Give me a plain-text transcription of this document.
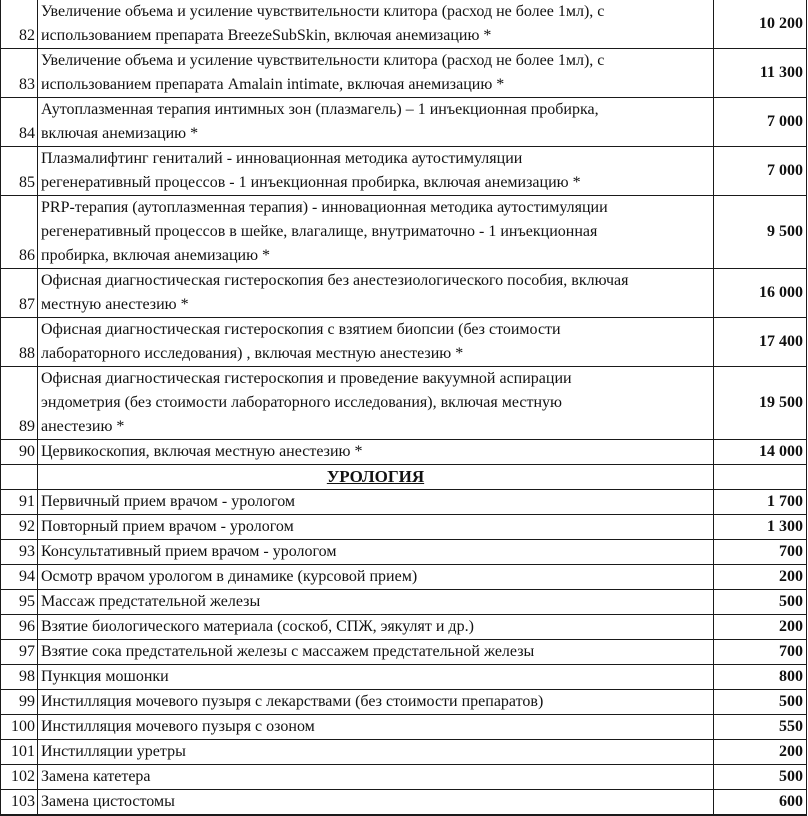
82	Увеличение объема и усиление чувствительности клитора (расход не более 1мл), с
использованием препарата BreezeSubSkin, включая анемизацию *	10 200
83	Увеличение объема и усиление чувствительности клитора (расход не более 1мл), с
использованием препарата Amalain intimate, включая анемизацию *	11 300
84	Аутоплазменная терапия интимных зон (плазмагель) – 1 инъекционная пробирка,
включая анемизацию *	7 000
85	Плазмалифтинг гениталий - инновационная методика аутостимуляции
регенеративный процессов - 1 инъекционная пробирка, включая анемизацию *	7 000
86	PRP-терапия (аутоплазменная терапия) - инновационная методика аутостимуляции
регенеративный процессов в шейке, влагалище, внутриматочно - 1 инъекционная
пробирка, включая анемизацию *	9 500
87	Офисная диагностическая гистероскопия без анестезиологического пособия, включая
местную анестезию *	16 000
88	Офисная диагностическая гистероскопия с взятием биопсии (без стоимости
лабораторного исследования) , включая местную анестезию *	17 400
89	Офисная диагностическая гистероскопия и проведение вакуумной аспирации
эндометрия (без стоимости лабораторного исследования), включая местную
анестезию *	19 500
90	Цервикоскопия, включая местную анестезию *	14 000
	УРОЛОГИЯ	
91	Первичный прием врачом - урологом	1 700
92	Повторный прием врачом - урологом	1 300
93	Консультативный прием врачом - урологом	700
94	Осмотр врачом урологом в динамике (курсовой прием)	200
95	Массаж предстательной железы	500
96	Взятие биологического материала (соскоб, СПЖ, эякулят и др.)	200
97	Взятие сока предстательной железы с массажем предстательной железы	700
98	Пункция мошонки	800
99	Инстилляция мочевого пузыря с лекарствами (без стоимости препаратов)	500
100	Инстилляция мочевого пузыря с озоном	550
101	Инстилляции уретры	200
102	Замена катетера	500
103	Замена цистостомы	600
